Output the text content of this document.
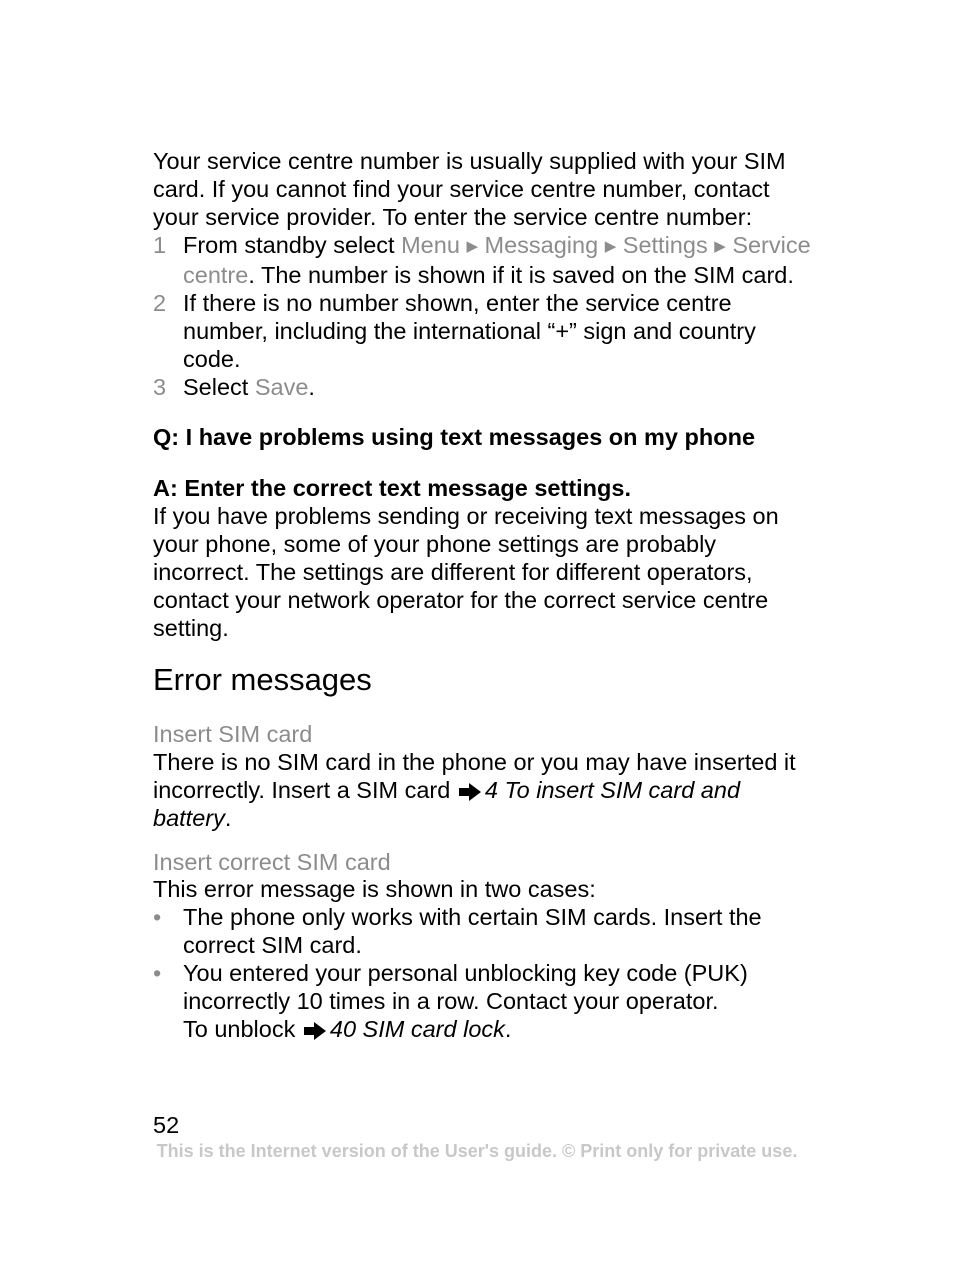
Your service centre number is usually supplied with your SIM card. If you cannot find your service centre number, contact your service provider. To enter the service centre number:

1 From standby select Menu ▶ Messaging ▶ Settings ▶ Service centre. The number is shown if it is saved on the SIM card.
2 If there is no number shown, enter the service centre number, including the international “+” sign and country code.
3 Select Save.

Q: I have problems using text messages on my phone

A: Enter the correct text message settings.

If you have problems sending or receiving text messages on your phone, some of your phone settings are probably incorrect. The settings are different for different operators, contact your network operator for the correct service centre setting.

Error messages

Insert SIM card

There is no SIM card in the phone or you may have inserted it incorrectly. Insert a SIM card 4 To insert SIM card and battery.

Insert correct SIM card

This error message is shown in two cases:

• The phone only works with certain SIM cards. Insert the correct SIM card.
• You entered your personal unblocking key code (PUK) incorrectly 10 times in a row. Contact your operator.
To unblock 40 SIM card lock.
52
This is the Internet version of the User's guide. © Print only for private use.
